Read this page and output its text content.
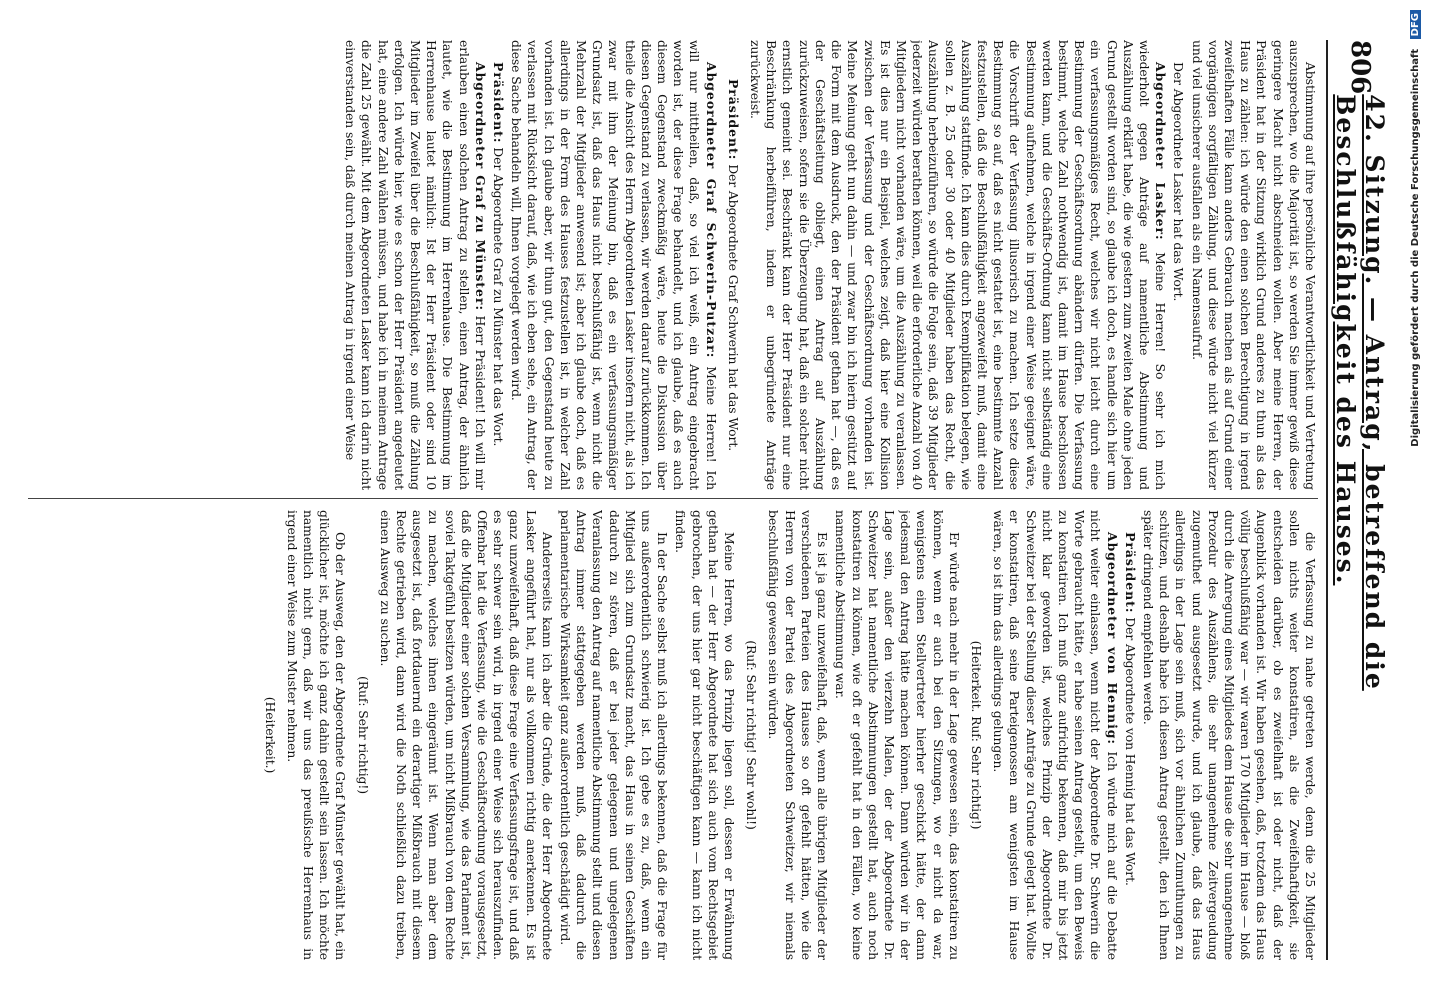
806
42. Sitzung. — Antrag, betreffend die Beschlußfähigkeit des Hauses.

Abstimmung auf ihre persönliche Verantwortlichkeit und Vertretung auszusprechen, wo die Majorität ist, so werden Sie immer gewiß diese geringere Macht nicht abschneiden wollen. Aber meine Herren, der Präsident hat in der Sitzung wirklich Grund anderes zu thun als das Haus zu zählen: ich würde den einen solchen Berechtigung in irgend zweifelhaften Fälle kann anders Gebrauch machen als auf Grund einer vorgängigen sorgfältigen Zählung, und diese würde nicht viel kürzer und viel unsicherer ausfallen als ein Namensaufruf.

Der Abgeordnete Lasker hat das Wort.

Abgeordneter Lasker: Meine Herren! So sehr ich mich wiederholt gegen Anträge auf namentliche Abstimmung und Auszählung erklärt habe, die wie gestern zum zweiten Male ohne jeden Grund gestellt worden sind, so glaube ich doch, es handle sich hier um ein verfassungsmäßiges Recht, welches wir nicht leicht durch eine Bestimmung der Geschäftsordnung abändern dürfen. Die Verfassung bestimmt, welche Zahl nothwendig ist, damit im Hause beschlossen werden kann, und die Geschäfts-Ordnung kann nicht selbständig eine Bestimmung aufnehmen, welche in irgend einer Weise geeignet wäre, die Vorschrift der Verfassung illusorisch zu machen. Ich setze diese Bestimmung so auf, daß es nicht gestattet ist, eine bestimmte Anzahl festzustellen, daß die Beschlußfähigkeit angezweifelt muß, damit eine Auszählung stattfinde. Ich kann dies durch Exemplifikation belegen, wie sollen z. B. 25 oder 30 oder 40 Mitglieder haben das Recht, die Auszählung herbeizuführen, so würde die Folge sein, daß 39 Mitglieder jederzeit würden berathen können, weil die erforderliche Anzahl von 40 Mitgliedern nicht vorhanden wäre, um die Auszählung zu veranlassen. Es ist dies nur ein Beispiel, welches zeigt, daß hier eine Kollision zwischen der Verfassung und der Geschäftsordnung vorhanden ist. Meine Meinung geht nun dahin — und zwar bin ich hierin gestützt auf die Form mit dem Ausdruck, den der Präsident gethan hat —, daß es der Geschäftsleitung obliegt, einen Antrag auf Auszählung zurückzuweisen, sofern sie die Überzeugung hat, daß ein solcher nicht ernstlich gemeint sei. Beschränkt kann der Herr Präsident nur eine Beschränkung herbeiführen, indem er unbegründete Anträge zurückweist.

Präsident: Der Abgeordnete Graf Schwerin hat das Wort.

Abgeordneter Graf Schwerin-Putzar: Meine Herren! Ich will nur mittheilen, daß, so viel ich weiß, ein Antrag eingebracht worden ist, der diese Frage behandelt, und ich glaube, daß es auch diesem Gegenstand zweckmäßig wäre, heute die Diskussion über diesen Gegenstand zu verlassen, wir werden darauf zurückkommen. Ich theile die Ansicht des Herrn Abgeordneten Lasker insofern nicht, als ich zwar mit ihm der Meinung bin, daß es ein verfassungsmäßiger Grundsatz ist, daß das Haus nicht beschlußfähig ist, wenn nicht die Mehrzahl der Mitglieder anwesend ist; aber ich glaube doch, daß es allerdings in der Form des Hauses festzustellen ist, in welcher Zahl vorhanden ist. Ich glaube aber, wir thun gut, den Gegenstand heute zu verlassen mit Rücksicht darauf, daß, wie ich eben sehe, ein Antrag, der diese Sache behandeln will, Ihnen vorgelegt werden wird.

Präsident: Der Abgeordnete Graf zu Münster hat das Wort.

Abgeordneter Graf zu Münster: Herr Präsident! Ich will mir erlauben einen solchen Antrag zu stellen, einen Antrag, der ähnlich lautet, wie die Bestimmung im Herrenhause. Die Bestimmung im Herrenhause lautet nämlich: Ist der Herr Präsident oder sind 10 Mitglieder im Zweifel über die Beschlußfähigkeit, so muß die Zählung erfolgen. Ich würde hier, wie es schon der Herr Präsident angedeutet hat, eine andere Zahl wählen müssen, und habe ich in meinem Antrage die Zahl 25 gewählt. Mit dem Abgeordneten Lasker kann ich darin nicht einverstanden sein, daß durch meinen Antrag in irgend einer Weise

die Verfassung zu nahe getreten werde, denn die 25 Mitglieder sollen nichts weiter konstatiren, als die Zweifelhaftigkeit, sie entscheiden darüber, ob es zweifelhaft ist oder nicht, daß der Augenblick vorhanden ist. Wir haben gesehen, daß, trotzdem das Haus völlig beschlußfähig war — wir waren 170 Mitglieder im Hause — bloß durch die Anregung eines Mitgliedes dem Hause die sehr unangenehme Prozedur des Auszählens, die sehr unangenehme Zeitvergeudung zugemuthet und ausgesetzt wurde, und ich glaube, daß das Haus allerdings in der Lage sein muß, sich vor ähnlichen Zumuthungen zu schützen, und deshalb habe ich diesen Antrag gestellt, den ich Ihnen später dringend empfehlen werde.

Präsident: Der Abgeordnete von Hennig hat das Wort.

Abgeordneter von Hennig: Ich würde mich auf die Debatte nicht weiter einlassen, wenn nicht der Abgeordnete Dr. Schwerin die Worte gebraucht hätte, er habe seinen Antrag gestellt, um den Beweis zu konstatiren. Ich muß ganz aufrichtig bekennen, daß mir bis jetzt nicht klar geworden ist, welches Prinzip der Abgeordnete Dr. Schweitzer bei der Stellung dieser Anträge zu Grunde gelegt hat. Wollte er konstatiren, daß seine Parteigenossen am wenigsten im Hause wären, so ist ihm das allerdings gelungen.

(Heiterkeit. Ruf: Sehr richtig!)

Er würde nach mehr in der Lage gewesen sein, das konstatiren zu können, wenn er auch bei den Sitzungen, wo er nicht da war, wenigstens einen Stellvertreter hierher geschickt hätte, der dann jedesmal den Antrag hätte machen können. Dann würden wir in der Lage sein, außer den vierzehn Malen, der der Abgeordnete Dr. Schweitzer hat namentliche Abstimmungen gestellt hat, auch noch konstatiren zu können, wie oft er gefehlt hat in den Fällen, wo keine namentliche Abstimmung war.

Es ist ja ganz unzweifelhaft, daß, wenn alle übrigen Mitglieder der verschiedenen Parteien des Hauses so oft gefehlt hätten, wie die Herren von der Partei des Abgeordneten Schweitzer, wir niemals beschlußfähig gewesen sein würden.

(Ruf: Sehr richtig! Sehr wohl!)

Meine Herren, wo das Prinzip liegen soll, dessen er Erwähnung gethan hat — der Herr Abgeordnete hat sich auch vom Rechtsgebiet gebrochen, der uns hier gar nicht beschäftigen kann — kann ich nicht finden.

In der Sache selbst muß ich allerdings bekennen, daß die Frage für uns außerordentlich schwierig ist. Ich gebe es zu, daß, wenn ein Mitglied sich zum Grundsatz macht, das Haus in seinen Geschäften dadurch zu stören, daß er bei jeder gelegenen und ungelegenen Veranlassung den Antrag auf namentliche Abstimmung stellt und diesen Antrag immer stattgegeben werden muß, daß dadurch die parlamentarische Wirksamkeit ganz außerordentlich geschädigt wird.

Andererseits kann ich aber die Gründe, die der Herr Abgeordnete Lasker angeführt hat, nur als vollkommen richtig anerkennen. Es ist ganz unzweifelhaft, daß diese Frage eine Verfassungsfrage ist, und daß es sehr schwer sein wird, in irgend einer Weise sich herauszufinden. Offenbar hat die Verfassung, wie die Geschäftsordnung vorausgesetzt, daß die Mitglieder einer solchen Versammlung, wie das Parlament ist, soviel Taktgefühl besitzen würden, um nicht Mißbrauch von dem Rechte zu machen, welches ihnen eingeräumt ist. Wenn man aber dem ausgesetzt ist, daß fortdauernd ein derartiger Mißbrauch mit diesem Rechte getrieben wird, dann wird die Noth schließlich dazu treiben, einen Ausweg zu suchen.

(Ruf: Sehr richtig!)

Ob der Ausweg, den der Abgeordnete Graf Münster gewählt hat, ein glücklicher ist, möchte ich ganz dahin gestellt sein lassen. Ich möchte namentlich nicht gern, daß wir uns das preußische Herrenhaus in irgend einer Weise zum Muster nehmen.

(Heiterkeit.)

Digitalisierung gefördert durch die Deutsche Forschungsgemeinschaft DFG
